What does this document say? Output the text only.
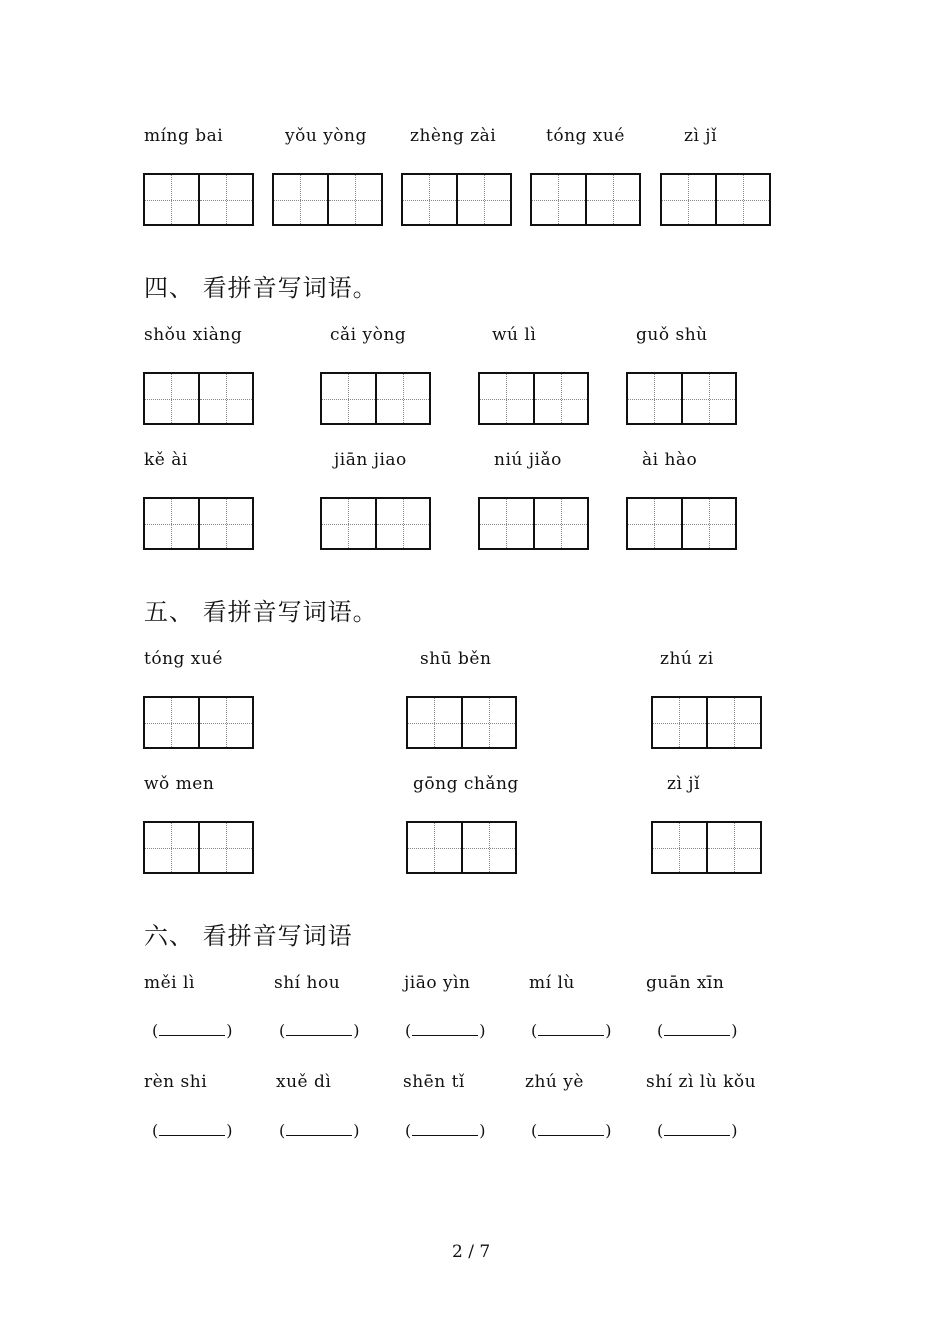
míng bai	yǒu yòng	zhèng zài	tóng xué	zì jǐ
四、 看拼音写词语。
shǒu xiàng	cǎi yòng	wú lì	guǒ shù
kě ài	jiān jiao	niú jiǎo	ài hào
五、 看拼音写词语。
tóng xué	shū běn	zhú zi
wǒ men	gōng chǎng	zì jǐ
六、 看拼音写词语
měi lì	shí hou	jiāo yìn	mí lù	guān xīn
(	)	(	)	(	)	(	)	(	)
rèn shi	xuě dì	shēn tǐ	zhú yè	shí zì lù kǒu
(	)	(	)	(	)	(	)	(	)
2 / 7
